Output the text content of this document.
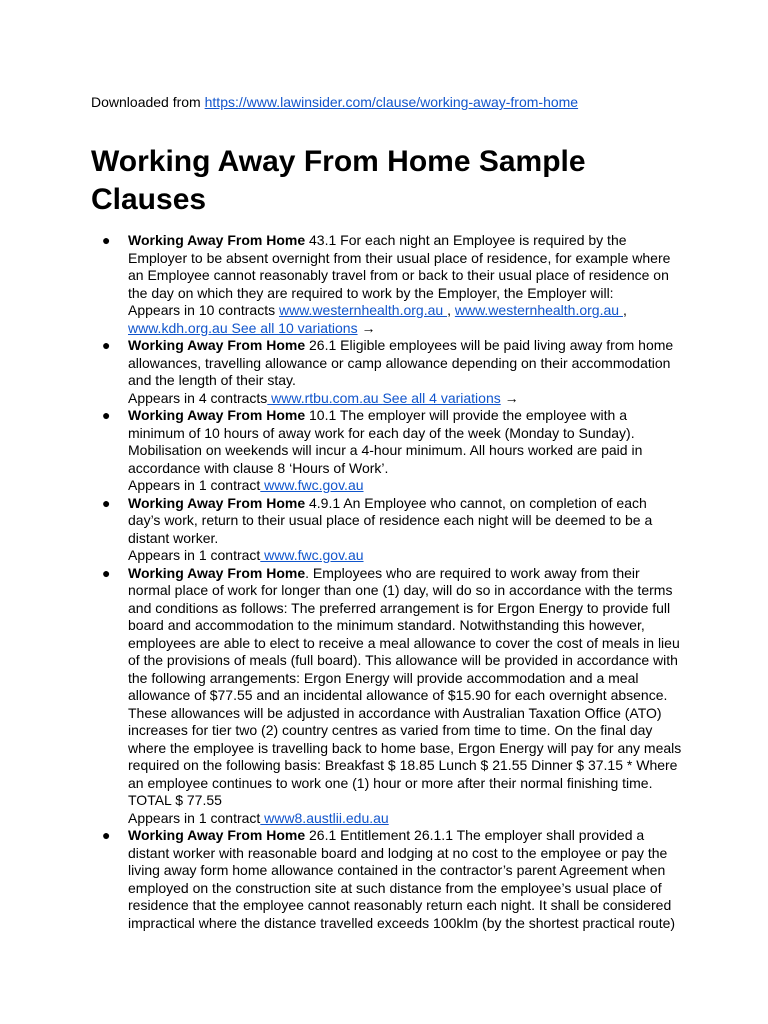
Downloaded from https://www.lawinsider.com/clause/working-away-from-home
Working Away From Home Sample Clauses
● Working Away From Home 43.1 For each night an Employee is required by the Employer to be absent overnight from their usual place of residence, for example where an Employee cannot reasonably travel from or back to their usual place of residence on the day on which they are required to work by the Employer, the Employer will:
Appears in 10 contracts www.westernhealth.org.au , www.westernhealth.org.au , www.kdh.org.au See all 10 variations →
● Working Away From Home 26.1 Eligible employees will be paid living away from home allowances, travelling allowance or camp allowance depending on their accommodation and the length of their stay.
Appears in 4 contracts www.rtbu.com.au See all 4 variations →
● Working Away From Home 10.1 The employer will provide the employee with a minimum of 10 hours of away work for each day of the week (Monday to Sunday). Mobilisation on weekends will incur a 4-hour minimum. All hours worked are paid in accordance with clause 8 ‘Hours of Work’.
Appears in 1 contract www.fwc.gov.au
● Working Away From Home 4.9.1 An Employee who cannot, on completion of each day’s work, return to their usual place of residence each night will be deemed to be a distant worker.
Appears in 1 contract www.fwc.gov.au
● Working Away From Home. Employees who are required to work away from their normal place of work for longer than one (1) day, will do so in accordance with the terms and conditions as follows: The preferred arrangement is for Ergon Energy to provide full board and accommodation to the minimum standard. Notwithstanding this however, employees are able to elect to receive a meal allowance to cover the cost of meals in lieu of the provisions of meals (full board). This allowance will be provided in accordance with the following arrangements: Ergon Energy will provide accommodation and a meal allowance of $77.55 and an incidental allowance of $15.90 for each overnight absence. These allowances will be adjusted in accordance with Australian Taxation Office (ATO) increases for tier two (2) country centres as varied from time to time. On the final day where the employee is travelling back to home base, Ergon Energy will pay for any meals required on the following basis: Breakfast $ 18.85 Lunch $ 21.55 Dinner $ 37.15 * Where an employee continues to work one (1) hour or more after their normal finishing time. TOTAL $ 77.55
Appears in 1 contract www8.austlii.edu.au
● Working Away From Home 26.1 Entitlement 26.1.1 The employer shall provided a distant worker with reasonable board and lodging at no cost to the employee or pay the living away form home allowance contained in the contractor’s parent Agreement when employed on the construction site at such distance from the employee’s usual place of residence that the employee cannot reasonably return each night. It shall be considered impractical where the distance travelled exceeds 100klm (by the shortest practical route)
